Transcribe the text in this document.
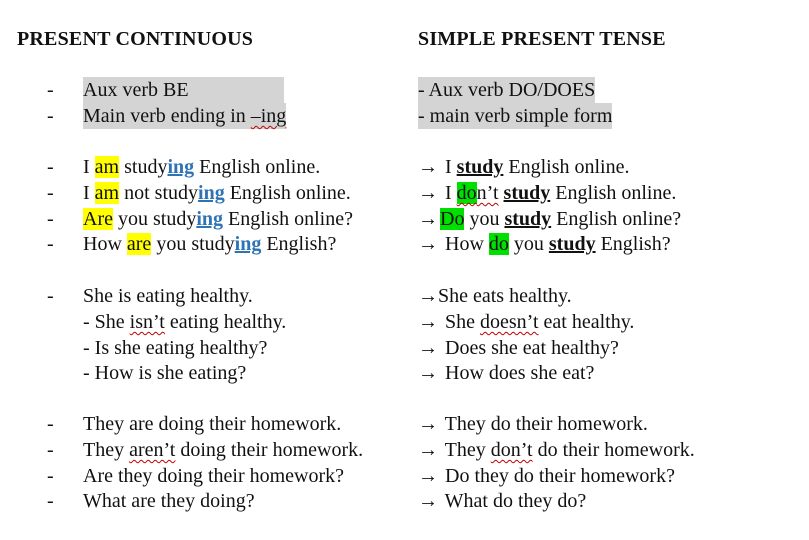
PRESENT CONTINUOUS
- Aux verb BE
- Main verb ending in –ing
- I am studying English online.
- I am not studying English online.
- Are you studying English online?
- How are you studying English?
- She is eating healthy.
- She isn’t eating healthy.
- Is she eating healthy?
- How is she eating?
- They are doing their homework.
- They aren’t doing their homework.
- Are they doing their homework?
- What are they doing?
SIMPLE PRESENT TENSE
- Aux verb DO/DOES
- main verb simple form
→ I study English online.
→ I don’t study English online.
→ Do you study English online?
→ How do you study English?
→She eats healthy.
→ She doesn’t eat healthy.
→ Does she eat healthy?
→ How does she eat?
→ They do their homework.
→ They don’t do their homework.
→ Do they do their homework?
→ What do they do?
